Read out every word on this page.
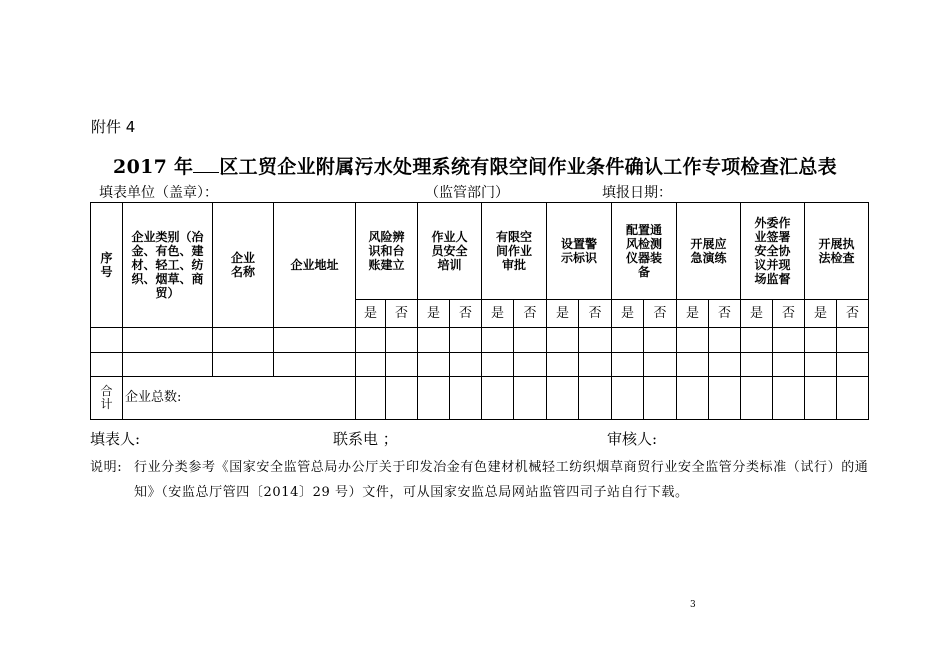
附件 4
2017 年 区工贸企业附属污水处理系统有限空间作业条件确认工作专项检查汇总表
填表单位（盖章）：	（监管部门）	填报日期：
序号	企业类别（冶金、有色、建材、轻工、纺织、烟草、商贸）	企业名称	企业地址	风险辨识和台账建立		作业人员安全培训		有限空间作业审批		设置警示标识		配置通风检测仪器装备		开展应急演练		外委作业签署安全协议并现场监督		开展执法检查	

				是	否	是	否	是	否	是	否	是	否	是	否	是	否	是	否

合计	企业总数:																		
填表人:	联系电 ；	审核人:
说明: 行业分类参考《国家安全监管总局办公厅关于印发冶金有色建材机械轻工纺织烟草商贸行业安全监管分类标准（试行）的通知》（安监总厅管四〔2014〕29 号）文件，可从国家安监总局网站监管四司子站自行下载。
3
